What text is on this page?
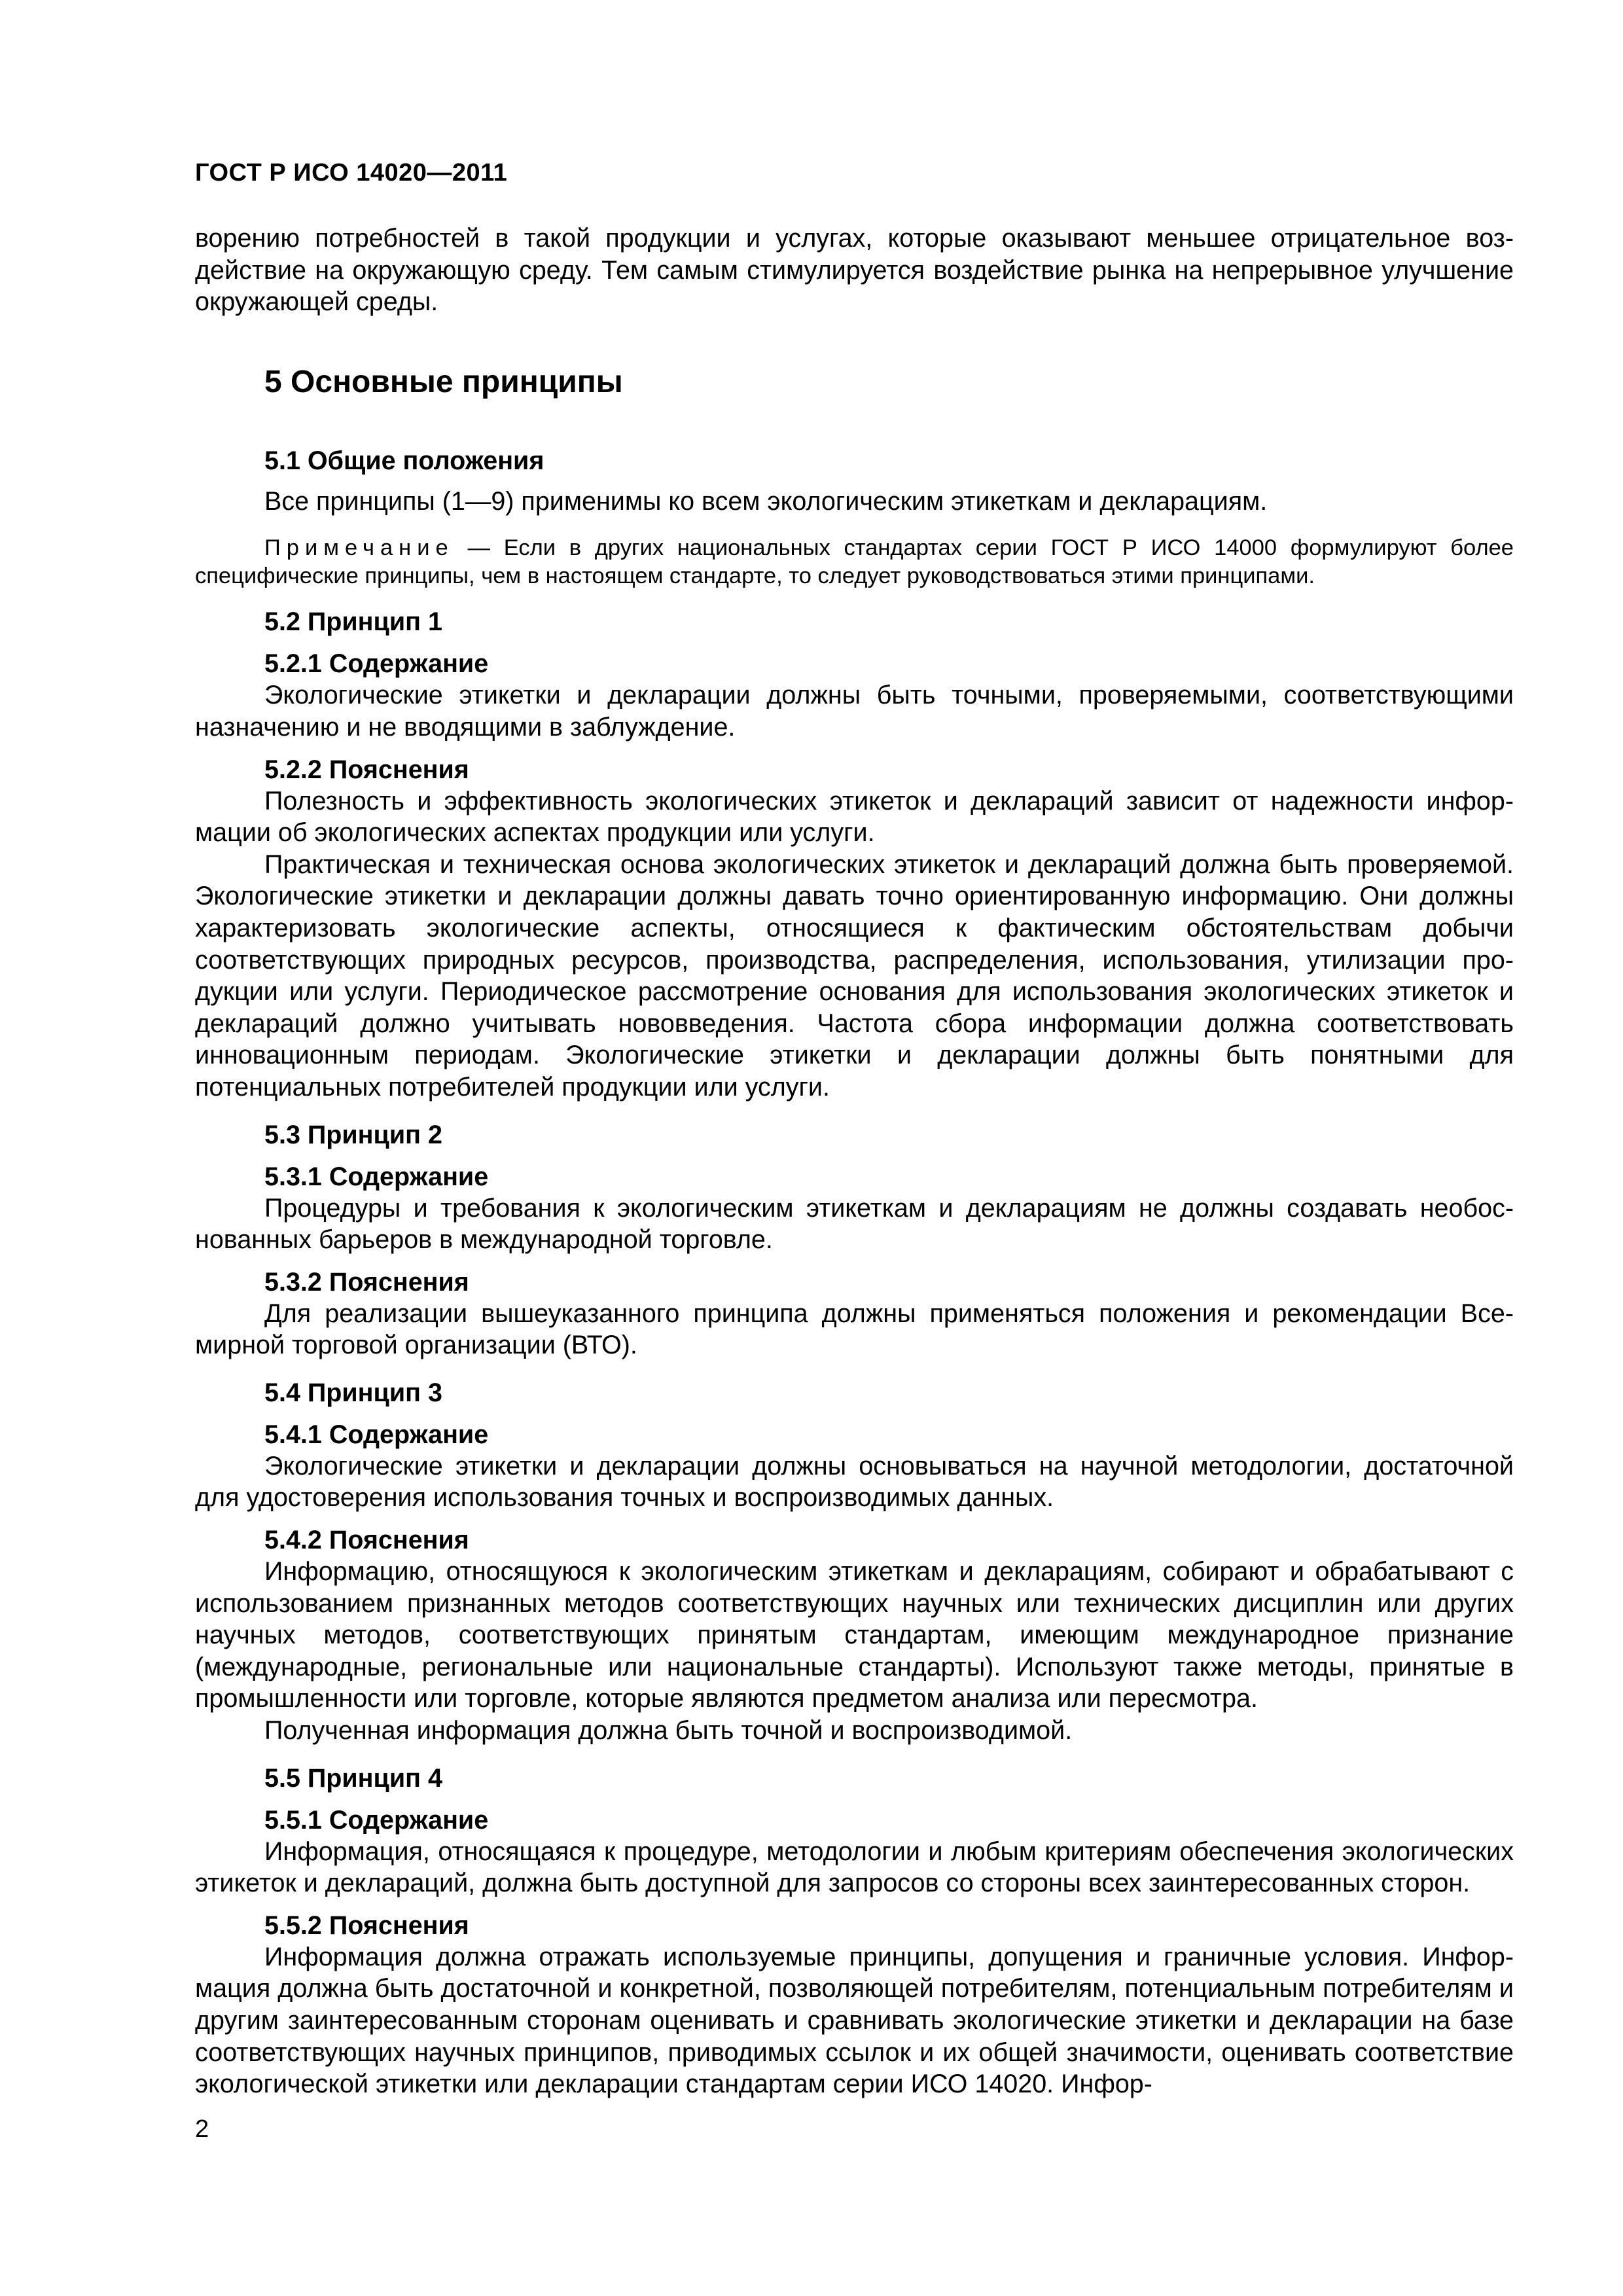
ГОСТ Р ИСО 14020—2011

ворению потребностей в такой продукции и услугах, которые оказывают меньшее отрицательное воздействие на окружающую среду. Тем самым стимулируется воздействие рынка на непрерывное улучшение окружающей среды.

5 Основные принципы
5.1 Общие положения

Все принципы (1—9) применимы ко всем экологическим этикеткам и декларациям.

Примечание — Если в других национальных стандартах серии ГОСТ Р ИСО 14000 формулируют более специфические принципы, чем в настоящем стандарте, то следует руководствоваться этими принципами.

5.2 Принцип 1
5.2.1 Содержание

Экологические этикетки и декларации должны быть точными, проверяемыми, соответствующими назначению и не вводящими в заблуждение.

5.2.2 Пояснения

Полезность и эффективность экологических этикеток и деклараций зависит от надежности информации об экологических аспектах продукции или услуги.

Практическая и техническая основа экологических этикеток и деклараций должна быть проверяемой. Экологические этикетки и декларации должны давать точно ориентированную информацию. Они должны характеризовать экологические аспекты, относящиеся к фактическим обстоятельствам добычи соответствующих природных ресурсов, производства, распределения, использования, утилизации продукции или услуги. Периодическое рассмотрение основания для использования экологических этикеток и деклараций должно учитывать нововведения. Частота сбора информации должна соответствовать инновационным периодам. Экологические этикетки и декларации должны быть понятными для потенциальных потребителей продукции или услуги.

5.3 Принцип 2
5.3.1 Содержание

Процедуры и требования к экологическим этикеткам и декларациям не должны создавать необоснованных барьеров в международной торговле.

5.3.2 Пояснения

Для реализации вышеуказанного принципа должны применяться положения и рекомендации Всемирной торговой организации (ВТО).

5.4 Принцип 3
5.4.1 Содержание

Экологические этикетки и декларации должны основываться на научной методологии, достаточной для удостоверения использования точных и воспроизводимых данных.

5.4.2 Пояснения

Информацию, относящуюся к экологическим этикеткам и декларациям, собирают и обрабатывают с использованием признанных методов соответствующих научных или технических дисциплин или других научных методов, соответствующих принятым стандартам, имеющим международное признание (международные, региональные или национальные стандарты). Используют также методы, принятые в промышленности или торговле, которые являются предметом анализа или пересмотра.

Полученная информация должна быть точной и воспроизводимой.

5.5 Принцип 4
5.5.1 Содержание

Информация, относящаяся к процедуре, методологии и любым критериям обеспечения экологических этикеток и деклараций, должна быть доступной для запросов со стороны всех заинтересованных сторон.

5.5.2 Пояснения

Информация должна отражать используемые принципы, допущения и граничные условия. Информация должна быть достаточной и конкретной, позволяющей потребителям, потенциальным потребителям и другим заинтересованным сторонам оценивать и сравнивать экологические этикетки и декларации на базе соответствующих научных принципов, приводимых ссылок и их общей значимости, оценивать соответствие экологической этикетки или декларации стандартам серии ИСО 14020. Инфор-

2
